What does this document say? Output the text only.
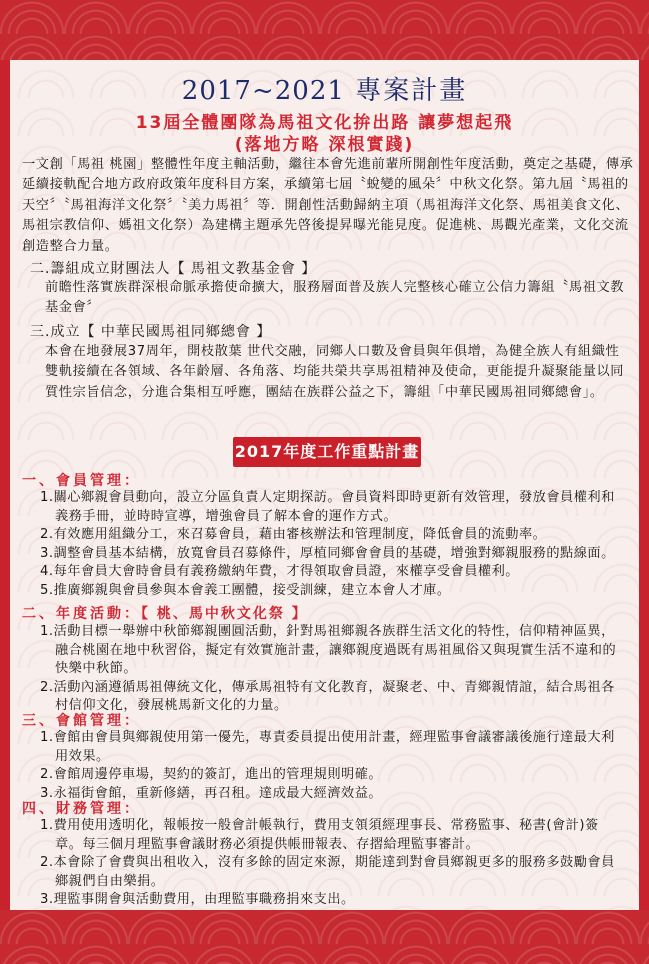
2017~2021 專案計畫
13屆全體團隊為馬祖文化拚出路 讓夢想起飛
(落地方略 深根實踐)
一文創「馬祖 桃園」整體性年度主軸活動，繼往本會先進前輩所開創性年度活動，奠定之基礎，傳承延續接軌配合地方政府政策年度科目方案，承續第七屆〝蛻變的風朵〞中秋文化祭。第九屆〝馬祖的天空〞〝馬祖海洋文化祭〞〝美力馬祖〞等．開創性活動歸納主項（馬祖海洋文化祭、馬祖美食文化、馬祖宗教信仰、媽祖文化祭）為建構主題承先啓後提昇曝光能見度。促進桃、馬觀光產業，文化交流創造整合力量。
二.籌組成立財團法人【 馬祖文教基金會 】
前瞻性落實族群深根命脈承擔使命擴大，服務層面普及族人完整核心確立公信力籌組〝馬祖文教基金會〞
三.成立【 中華民國馬祖同鄉總會 】
本會在地發展37周年，開枝散葉 世代交融，同鄉人口數及會員與年俱增，為健全族人有組織性雙軌接續在各領域、各年齡層、各角落、均能共榮共享馬祖精神及使命，更能提升凝聚能量以同質性宗旨信念，分進合集相互呼應，團結在族群公益之下，籌組「中華民國馬祖同鄉總會」。
2017年度工作重點計畫
一、會員管理：
1.關心鄉親會員動向，設立分區負責人定期探訪。會員資料即時更新有效管理，發放會員權利和義務手冊，並時時宣導，增強會員了解本會的運作方式。
2.有效應用組織分工，來召募會員，藉由審核辦法和管理制度，降低會員的流動率。
3.調整會員基本結構，放寬會員召募條件，厚植同鄉會會員的基礎，增強對鄉親服務的點線面。
4.每年會員大會時會員有義務繳納年費，才得領取會員證，來權享受會員權利。
5.推廣鄉親與會員參與本會義工團體，接受訓練，建立本會人才庫。
二、年度活動：【 桃、馬中秋文化祭 】
1.活動目標一舉辦中秋節鄉親團圓活動，針對馬祖鄉親各族群生活文化的特性，信仰精神區異，融合桃園在地中秋習俗，擬定有效實施計畫，讓鄉親度過既有馬祖風俗又與現實生活不違和的快樂中秋節。
2.活動內涵遵循馬祖傳統文化，傳承馬祖特有文化教育，凝聚老、中、青鄉親情誼，結合馬祖各村信仰文化，發展桃馬新文化的力量。
三、會館管理：
1.會館由會員與鄉親使用第一優先，專責委員提出使用計畫，經理監事會議審議後施行達最大利用效果。
2.會館周邊停車場，契約的簽訂，進出的管理規則明確。
3.永福街會館，重新修繕，再召租。達成最大經濟效益。
四、財務管理：
1.費用使用透明化，報帳按一般會計帳執行，費用支領須經理事長、常務監事、秘書(會計)簽章。每三個月理監事會議財務必須提供帳冊報表、存摺給理監事審計。
2.本會除了會費與出租收入，沒有多餘的固定來源，期能達到對會員鄉親更多的服務多鼓勵會員鄉親們自由樂捐。
3.理監事開會與活動費用，由理監事職務捐來支出。
